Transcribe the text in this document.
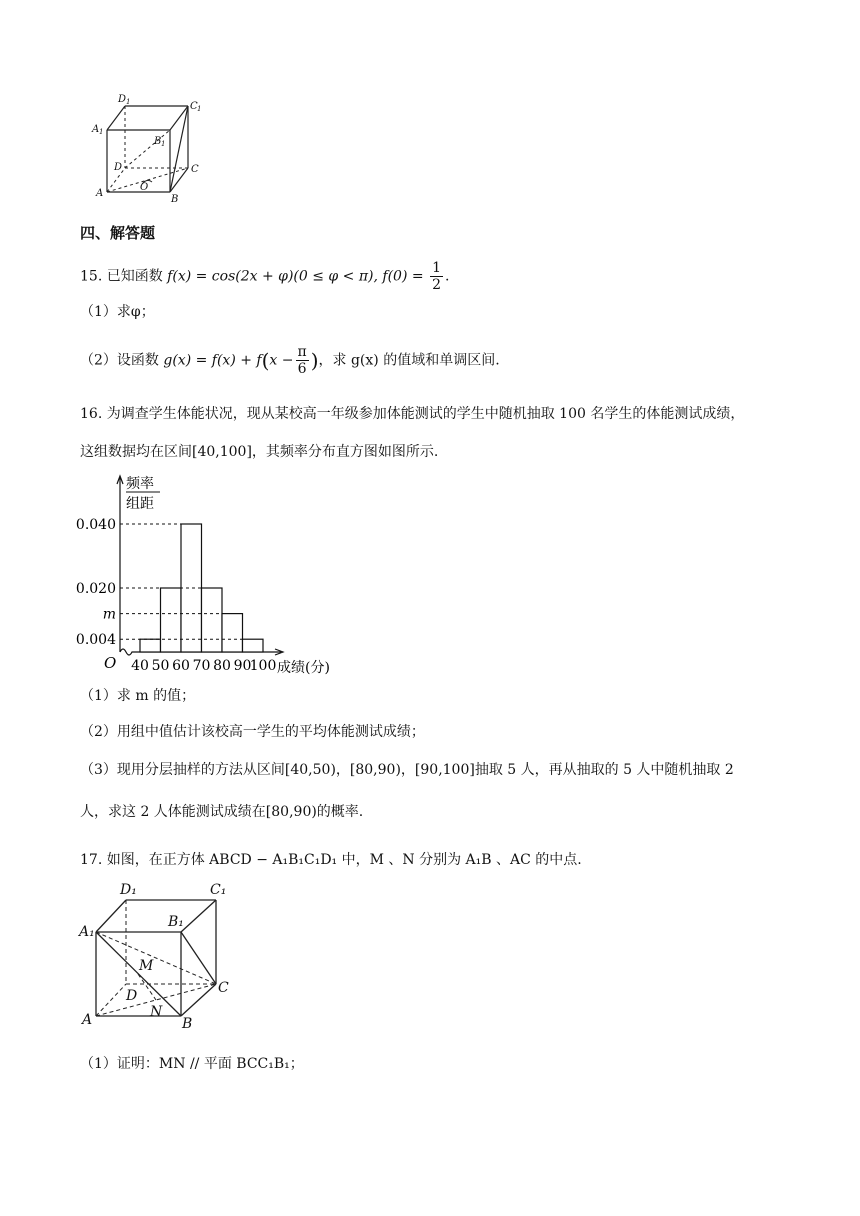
D 1	C 1
A 1
B 1
D	C
A
B
O
四、解答题
15. 已知函数 f(x) = cos(2x + φ)(0 ≤ φ < π), $f(0) = \frac{1}{2}$ .
（1）求φ；
（2）设函数 $g(x) = f(x) + f(x - \frac{\pi}{6}$ )，求 g(x) 的值域和单调区间.
16. 为调查学生体能状况，现从某校高一年级参加体能测试的学生中随机抽取 100 名学生的体能测试成绩，
这组数据均在区间[40,100]，其频率分布直方图如图所示.
频率
组距
0.040
0.020
m
0.004
40 50 60 70 80 90
100
O	成绩(分)
（1）求 m 的值；
（2）用组中值估计该校高一学生的平均体能测试成绩；
（3）现用分层抽样的方法从区间[40,50)，[80,90)，[90,100]抽取 5 人，再从抽取的 5 人中随机抽取 2
人，求这 2 人体能测试成绩在[80,90)的概率.
17. 如图，在正方体 ABCD − A₁B₁C₁D₁ 中，M 、N 分别为 A₁B 、AC 的中点.
D₁	C₁
A₁
B₁
M
D	C
A	N
B
（1）证明：MN // 平面 BCC₁B₁；
